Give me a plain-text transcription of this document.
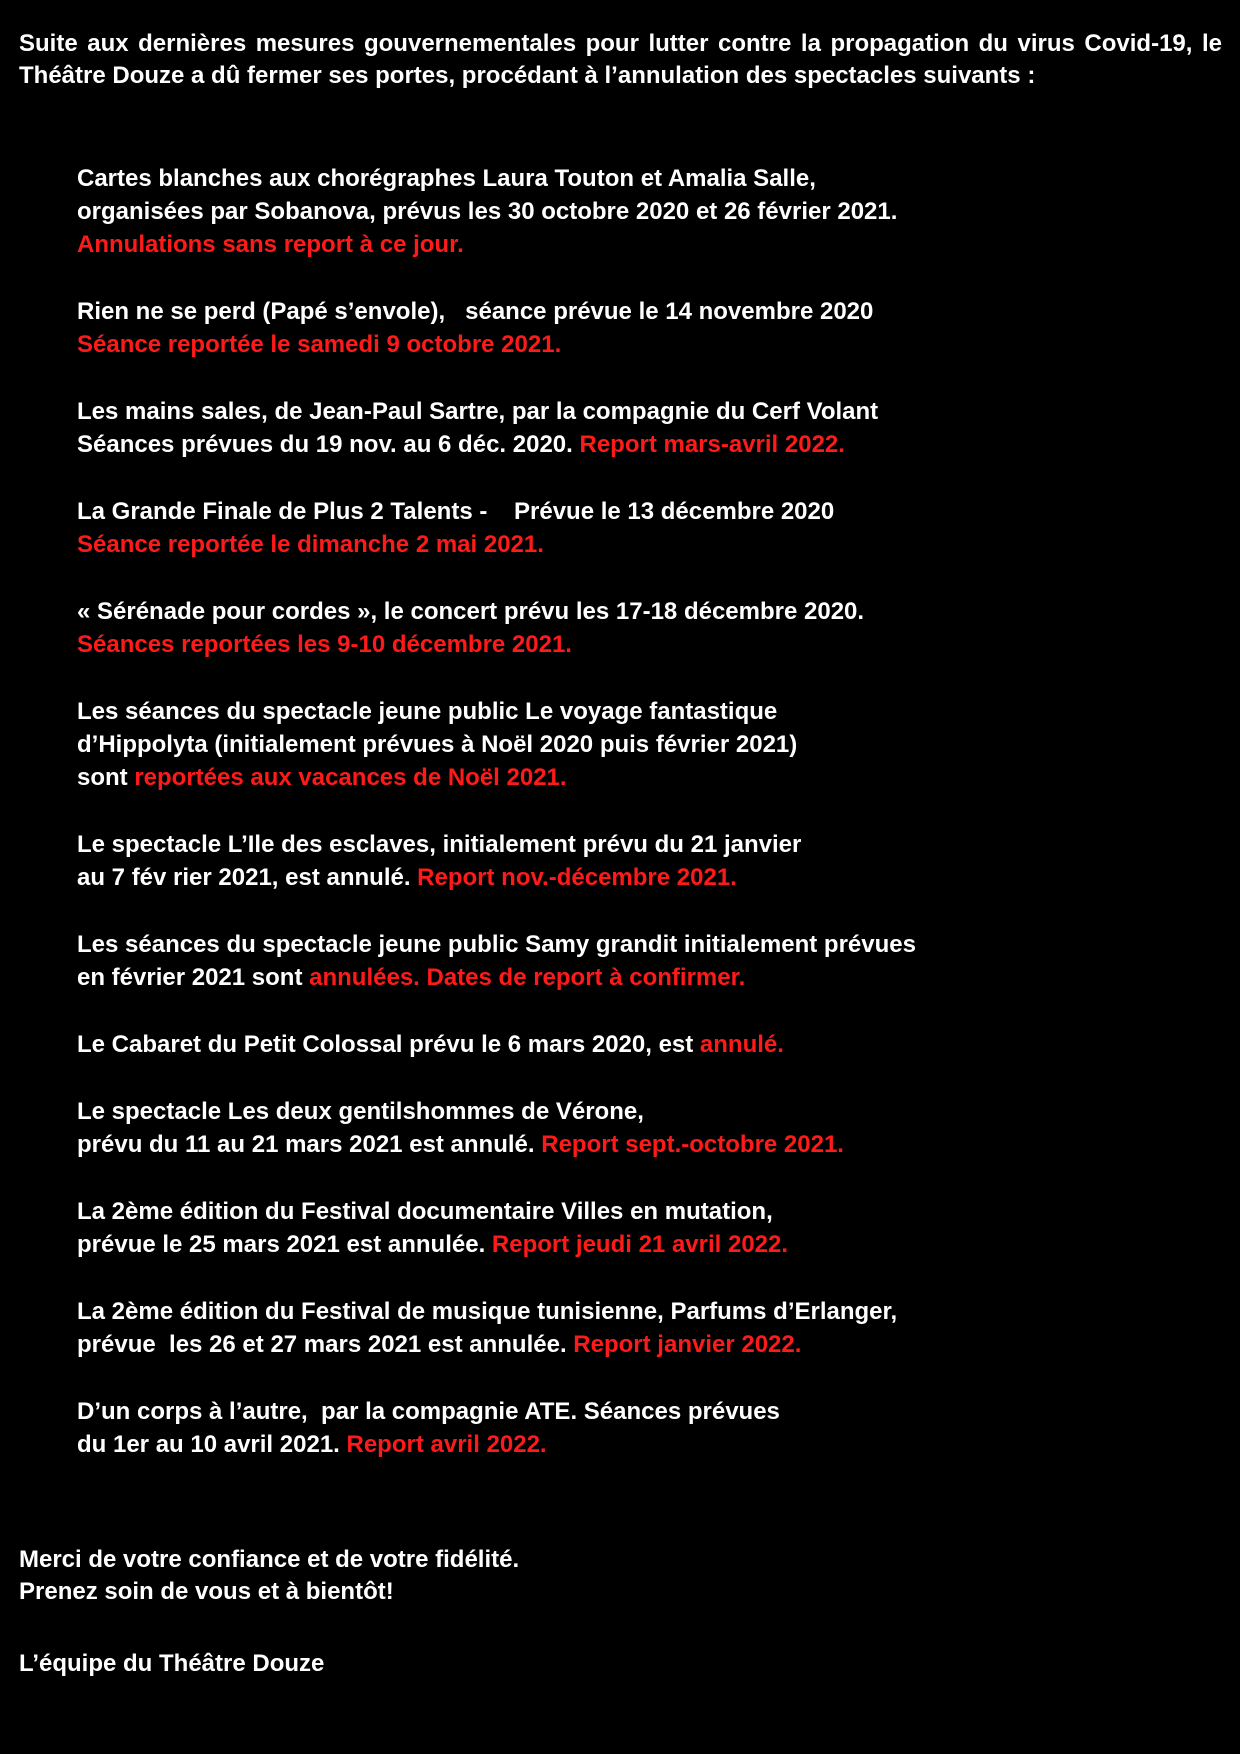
Suite aux dernières mesures gouvernementales pour lutter contre la propagation du virus Covid-19, le Théâtre Douze a dû fermer ses portes, procédant à l’annulation des spectacles suivants :

Cartes blanches aux chorégraphes Laura Touton et Amalia Salle,
organisées par Sobanova, prévus les 30 octobre 2020 et 26 février 2021.
Annulations sans report à ce jour.
Rien ne se perd (Papé s’envole),   séance prévue le 14 novembre 2020
Séance reportée le samedi 9 octobre 2021.
Les mains sales, de Jean-Paul Sartre, par la compagnie du Cerf Volant
Séances prévues du 19 nov. au 6 déc. 2020. Report mars-avril 2022.
La Grande Finale de Plus 2 Talents -    Prévue le 13 décembre 2020
Séance reportée le dimanche 2 mai 2021.
« Sérénade pour cordes », le concert prévu les 17-18 décembre 2020.
Séances reportées les 9-10 décembre 2021.
Les séances du spectacle jeune public Le voyage fantastique
d’Hippolyta (initialement prévues à Noël 2020 puis février 2021)
sont reportées aux vacances de Noël 2021.
Le spectacle L’Ile des esclaves, initialement prévu du 21 janvier
au 7 fév rier 2021, est annulé. Report nov.-décembre 2021.
Les séances du spectacle jeune public Samy grandit initialement prévues
en février 2021 sont annulées. Dates de report à confirmer.
Le Cabaret du Petit Colossal prévu le 6 mars 2020, est annulé.
Le spectacle Les deux gentilshommes de Vérone,
prévu du 11 au 21 mars 2021 est annulé. Report sept.-octobre 2021.
La 2ème édition du Festival documentaire Villes en mutation,
prévue le 25 mars 2021 est annulée. Report jeudi 21 avril 2022.
La 2ème édition du Festival de musique tunisienne, Parfums d’Erlanger,
prévue  les 26 et 27 mars 2021 est annulée. Report janvier 2022.
D’un corps à l’autre,  par la compagnie ATE. Séances prévues
du 1er au 10 avril 2021. Report avril 2022.
Merci de votre confiance et de votre fidélité.
Prenez soin de vous et à bientôt!
L’équipe du Théâtre Douze
